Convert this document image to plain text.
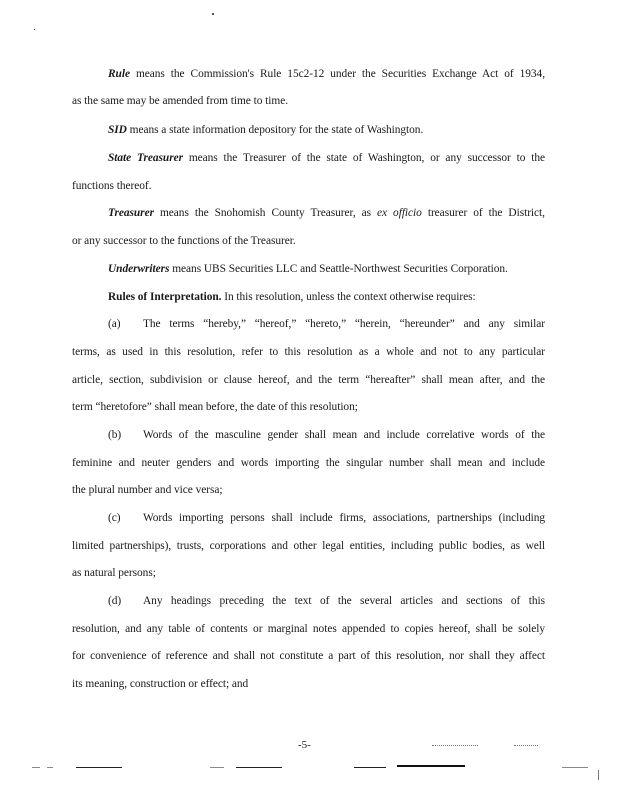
Rule means the Commission's Rule 15c2-12 under the Securities Exchange Act of 1934,
as the same may be amended from time to time.
SID means a state information depository for the state of Washington.
State Treasurer means the Treasurer of the state of Washington, or any successor to the
functions thereof.
Treasurer means the Snohomish County Treasurer, as ex officio treasurer of the District,
or any successor to the functions of the Treasurer.
Underwriters means UBS Securities LLC and Seattle-Northwest Securities Corporation.
Rules of Interpretation. In this resolution, unless the context otherwise requires:
(a) The terms “hereby,” “hereof,” “hereto,” “herein, “hereunder” and any similar
terms, as used in this resolution, refer to this resolution as a whole and not to any particular
article, section, subdivision or clause hereof, and the term “hereafter” shall mean after, and the
term “heretofore” shall mean before, the date of this resolution;
(b) Words of the masculine gender shall mean and include correlative words of the
feminine and neuter genders and words importing the singular number shall mean and include
the plural number and vice versa;
(c) Words importing persons shall include firms, associations, partnerships (including
limited partnerships), trusts, corporations and other legal entities, including public bodies, as well
as natural persons;
(d) Any headings preceding the text of the several articles and sections of this
resolution, and any table of contents or marginal notes appended to copies hereof, shall be solely
for convenience of reference and shall not constitute a part of this resolution, nor shall they affect
its meaning, construction or effect; and
-5-
